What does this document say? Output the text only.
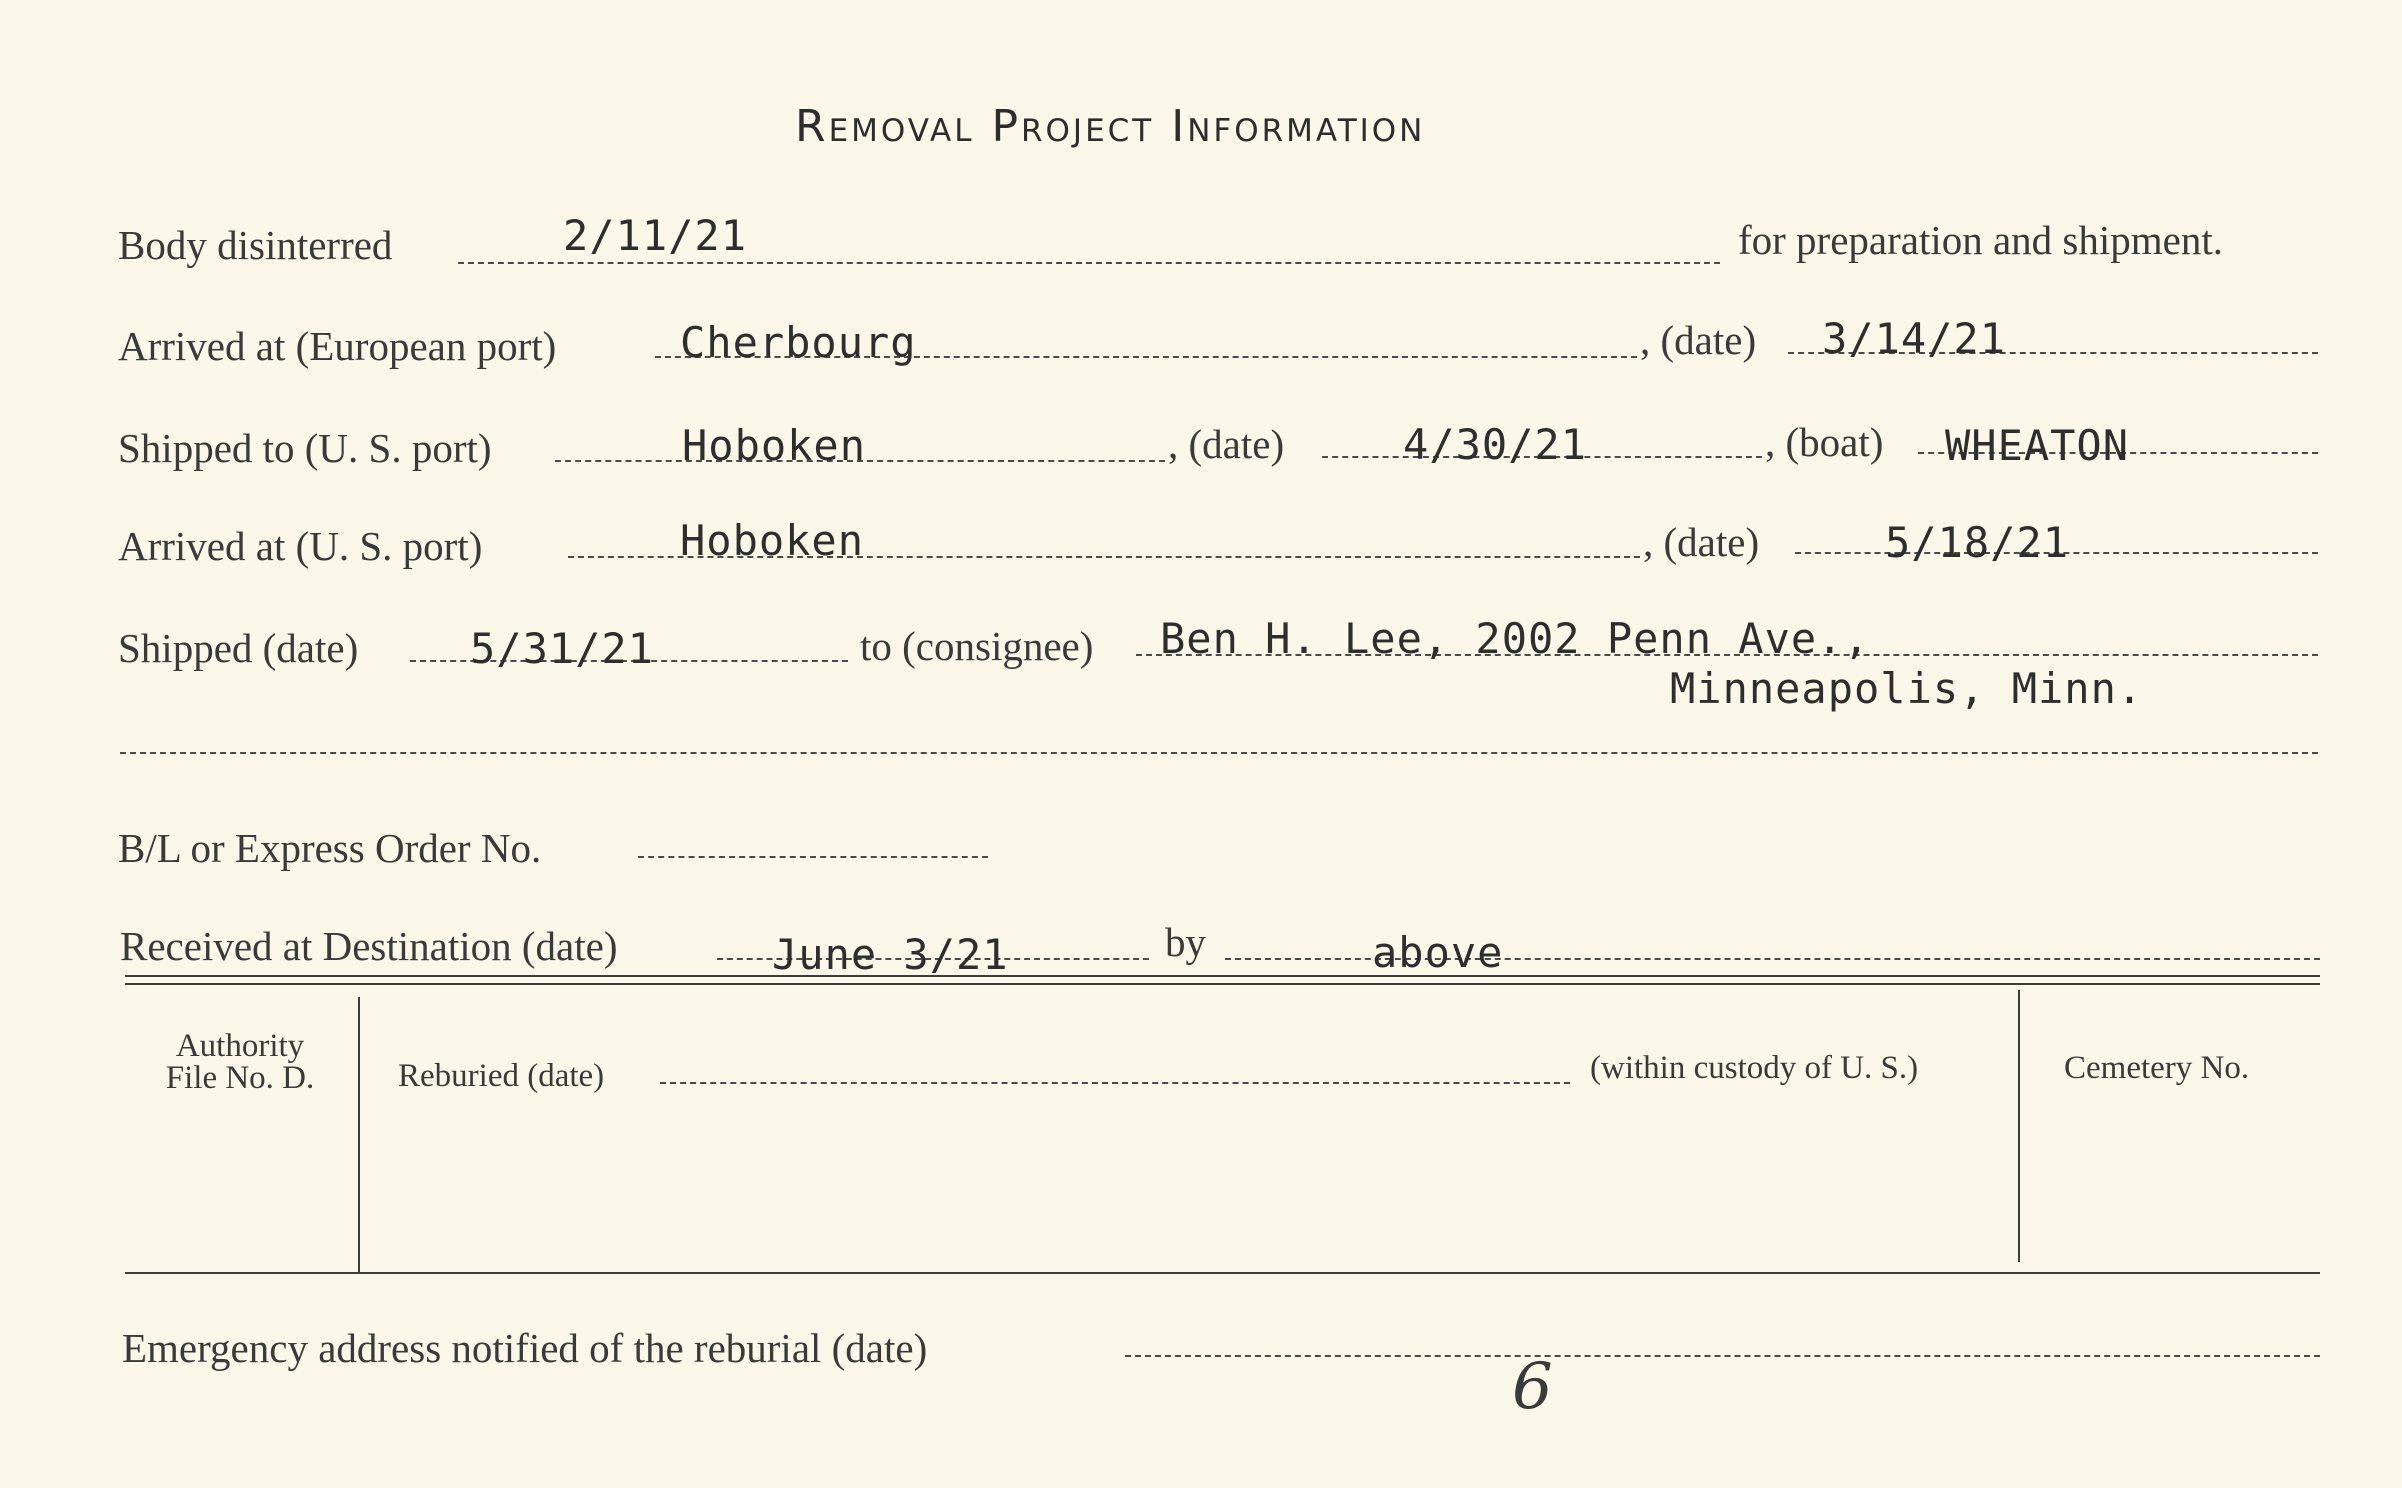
Removal Project Information
Body disinterred	2/11/21	for preparation and shipment.
Arrived at (European port)	Cherbourg	, (date) 3/14/21
Shipped to (U. S. port)	Hoboken	, (date)	4/30/21	, (boat) WHEATON
Arrived at (U. S. port)	Hoboken	, (date)	5/18/21
Shipped (date)	5/31/21	to (consignee) Ben H. Lee, 2002 Penn Ave.,
Minneapolis, Minn.
B/L or Express Order No.
Received at Destination (date)	June 3/21	by	above
Authority
File No. D.	Reburied (date)	(within custody of U. S.)	Cemetery No.
Emergency address notified of the reburial (date)
6
